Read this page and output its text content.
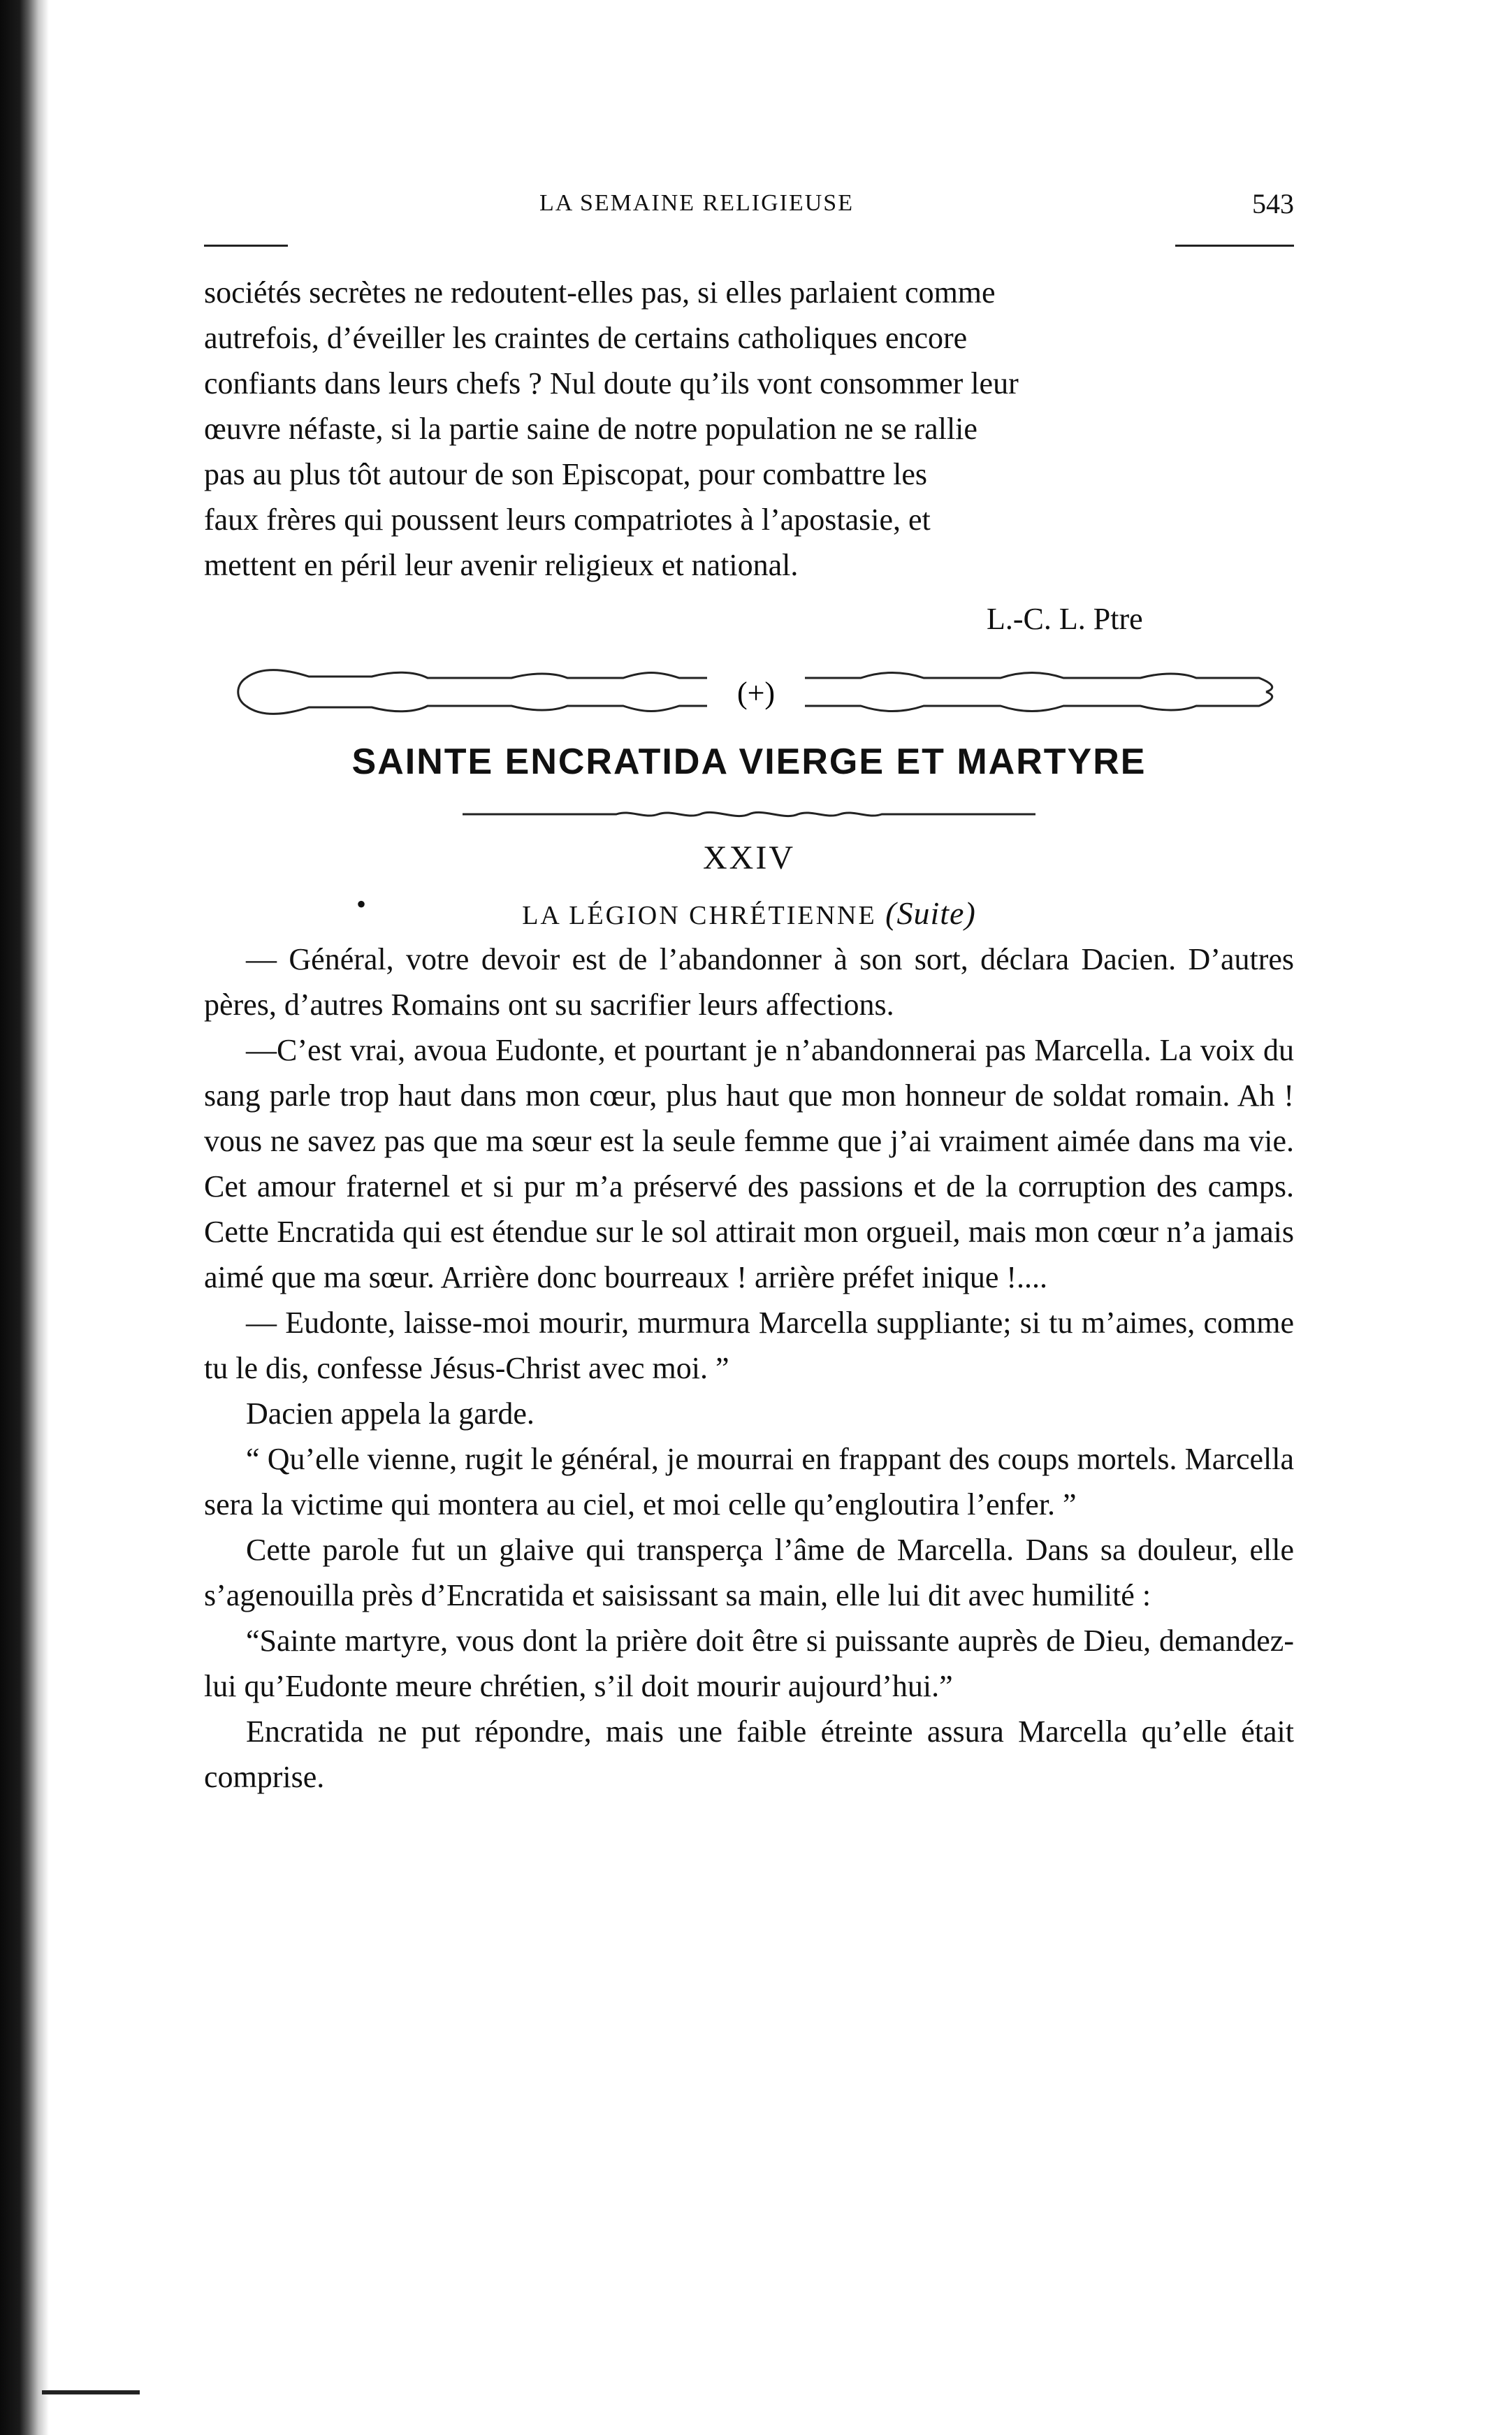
LA SEMAINE RELIGIEUSE	543

sociétés secrètes ne redoutent-elles pas, si elles parlaient comme

autrefois, d’éveiller les craintes de certains catholiques encore

confiants dans leurs chefs ? Nul doute qu’ils vont consommer leur

œuvre néfaste, si la partie saine de notre population ne se rallie

pas au plus tôt autour de son Episcopat, pour combattre les

faux frères qui poussent leurs compatriotes à l’apostasie, et

mettent en péril leur avenir religieux et national.

L.-C. L. Ptre
(+)
SAINTE ENCRATIDA VIERGE ET MARTYRE
XXIV
•	LA LÉGION CHRÉTIENNE (Suite)

— Général, votre devoir est de l’abandonner à son sort, déclara Dacien. D’autres pères, d’autres Romains ont su sacrifier leurs affections.

—C’est vrai, avoua Eudonte, et pourtant je n’abandonnerai pas Marcella. La voix du sang parle trop haut dans mon cœur, plus haut que mon honneur de soldat romain. Ah ! vous ne savez pas que ma sœur est la seule femme que j’ai vraiment aimée dans ma vie. Cet amour fraternel et si pur m’a préservé des passions et de la corruption des camps. Cette Encratida qui est étendue sur le sol attirait mon orgueil, mais mon cœur n’a jamais aimé que ma sœur. Arrière donc bourreaux ! arrière préfet inique !....

— Eudonte, laisse-moi mourir, murmura Marcella suppliante; si tu m’aimes, comme tu le dis, confesse Jésus-Christ avec moi. ”

Dacien appela la garde.

“ Qu’elle vienne, rugit le général, je mourrai en frappant des coups mortels. Marcella sera la victime qui montera au ciel, et moi celle qu’engloutira l’enfer. ”

Cette parole fut un glaive qui transperça l’âme de Marcella. Dans sa douleur, elle s’agenouilla près d’Encratida et saisissant sa main, elle lui dit avec humilité :

“Sainte martyre, vous dont la prière doit être si puissante auprès de Dieu, demandez-lui qu’Eudonte meure chrétien, s’il doit mourir aujourd’hui.”

Encratida ne put répondre, mais une faible étreinte assura Marcella qu’elle était comprise.
